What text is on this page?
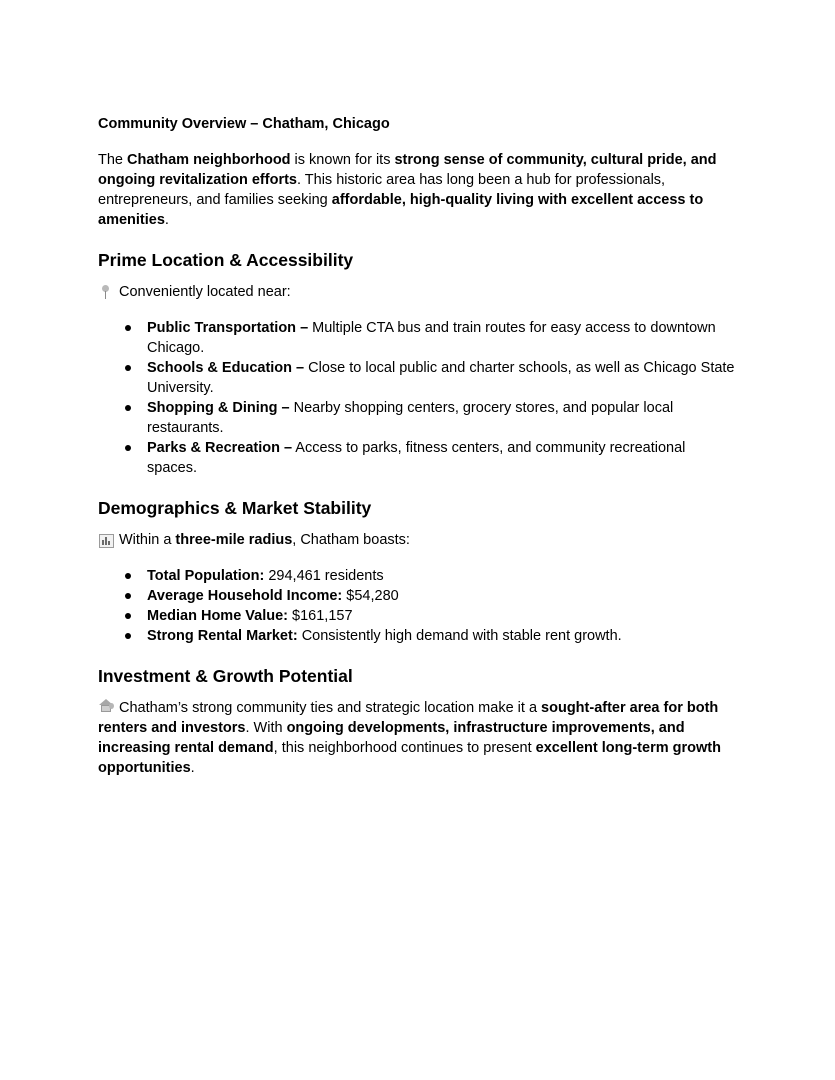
Community Overview – Chatham, Chicago

The Chatham neighborhood is known for its strong sense of community, cultural pride, and ongoing revitalization efforts. This historic area has long been a hub for professionals, entrepreneurs, and families seeking affordable, high-quality living with excellent access to amenities.

Prime Location & Accessibility
Conveniently located near:
Public Transportation – Multiple CTA bus and train routes for easy access to downtown Chicago.
Schools & Education – Close to local public and charter schools, as well as Chicago State University.
Shopping & Dining – Nearby shopping centers, grocery stores, and popular local restaurants.
Parks & Recreation – Access to parks, fitness centers, and community recreational spaces.
Demographics & Market Stability
Within a three-mile radius, Chatham boasts:
Total Population: 294,461 residents
Average Household Income: $54,280
Median Home Value: $161,157
Strong Rental Market: Consistently high demand with stable rent growth.
Investment & Growth Potential

Chatham’s strong community ties and strategic location make it a sought-after area for both renters and investors. With ongoing developments, infrastructure improvements, and increasing rental demand, this neighborhood continues to present excellent long-term growth opportunities.
